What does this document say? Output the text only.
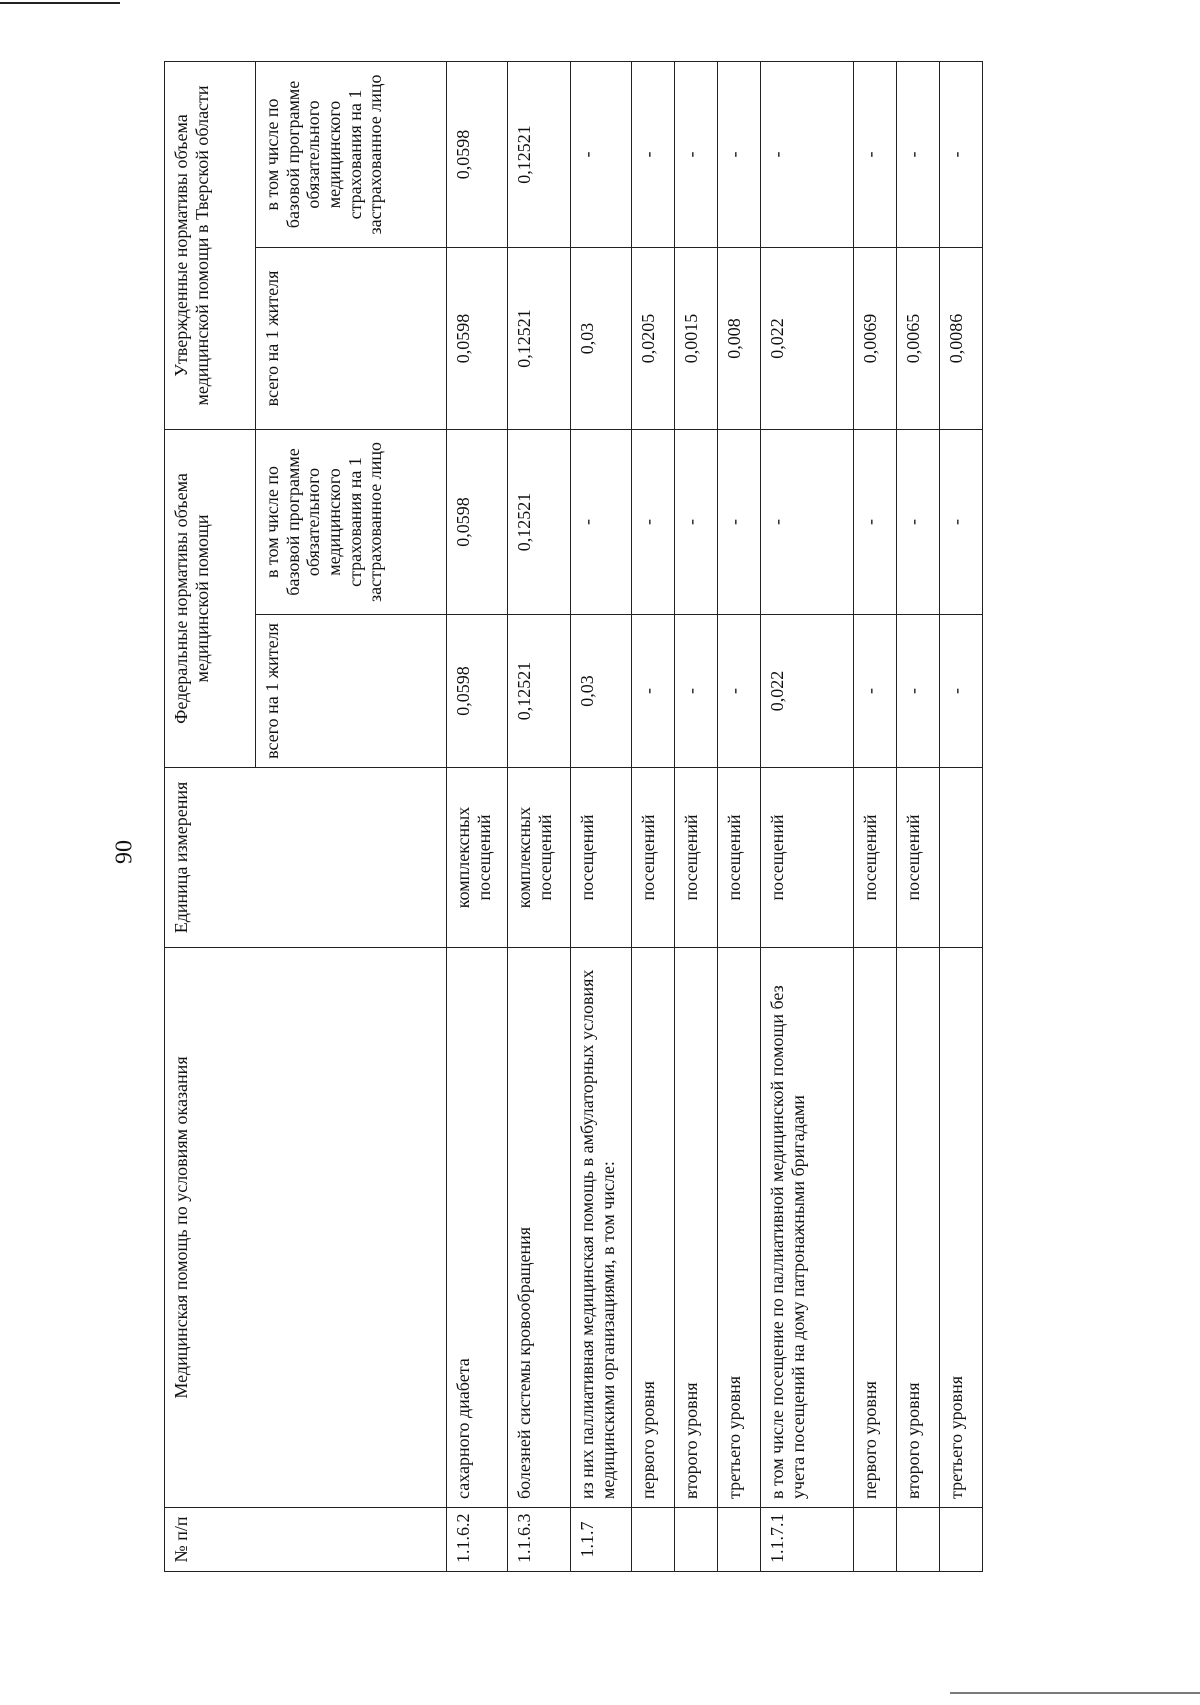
90
№ п/п	Медицинская помощь по условиям оказания	Единица измерения	Федеральные нормативы объема медицинской помощи		Утвержденные нормативы объема медицинской помощи в Тверской области	
			всего на 1 жителя	в том числе по базовой программе обязательного медицинского страхования на 1 застрахованное лицо	всего на 1 жителя	в том числе по базовой программе обязательного медицинского страхования на 1 застрахованное лицо
1.1.6.2	сахарного диабета	комплексных посещений	0,0598	0,0598	0,0598	0,0598
1.1.6.3	болезней системы кровообращения	комплексных посещений	0,12521	0,12521	0,12521	0,12521
1.1.7	из них паллиативная медицинская помощь в амбулаторных условиях медицинскими организациями, в том числе:	посещений	0,03	-	0,03	-
	первого уровня	посещений	-	-	0,0205	-
	второго уровня	посещений	-	-	0,0015	-
	третьего уровня	посещений	-	-	0,008	-
1.1.7.1	в том числе посещение по паллиативной медицинской помощи без учета посещений на дому патронажными бригадами	посещений	0,022	-	0,022	-
	первого уровня	посещений	-	-	0,0069	-
	второго уровня	посещений	-	-	0,0065	-
	третьего уровня		-	-	0,0086	-
